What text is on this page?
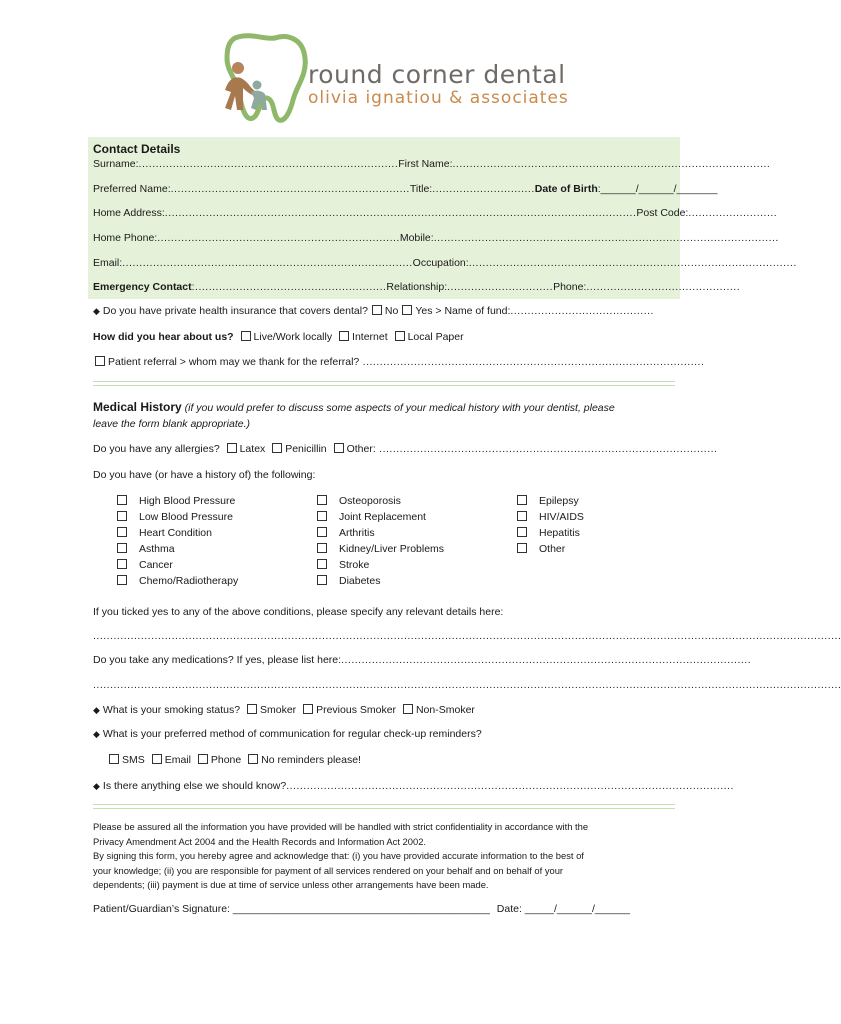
round corner dental
olivia ignatiou & associates
Contact Details
Surname:............................................................................First Name:.............................................................................................
Preferred Name:......................................................................Title:..............................Date of Birth:______/______/_______
Home Address:..........................................................................................................................................Post Code:..........................
Home Phone:.......................................................................Mobile:.....................................................................................................
Email:.....................................................................................Occupation:................................................................................................
Emergency Contact:........................................................Relationship:...............................Phone:.............................................
◆ Do you have private health insurance that covers dental? No Yes > Name of fund:..........................................
How did you hear about us? Live/Work locally Internet Local Paper
Patient referral > whom may we thank for the referral? ....................................................................................................
Medical History (if you would prefer to discuss some aspects of your medical history with your dentist, please
leave the form blank appropriate.)
Do you have any allergies? Latex Penicillin Other: ...................................................................................................
Do you have (or have a history of) the following:
High Blood Pressure
Low Blood Pressure
Heart Condition
Asthma
Cancer
Chemo/Radiotherapy
Osteoporosis
Joint Replacement
Arthritis
Kidney/Liver Problems
Stroke
Diabetes
Epilepsy
HIV/AIDS
Hepatitis
Other
If you ticked yes to any of the above conditions, please specify any relevant details here:
...........................................................................................................................................................................................................................
Do you take any medications? If yes, please list here:........................................................................................................................
...........................................................................................................................................................................................................................
◆ What is your smoking status? Smoker Previous Smoker Non-Smoker
◆ What is your preferred method of communication for regular check-up reminders?
SMS Email Phone No reminders please!
◆ Is there anything else we should know?...................................................................................................................................
Please be assured all the information you have provided will be handled with strict confidentiality in accordance with the
Privacy Amendment Act 2004 and the Health Records and Information Act 2002.
By signing this form, you hereby agree and acknowledge that: (i) you have provided accurate information to the best of
your knowledge; (ii) you are responsible for payment of all services rendered on your behalf and on behalf of your
dependents; (iii) payment is due at time of service unless other arrangements have been made.
Patient/Guardian’s Signature: ____________________________________________ Date: _____/______/______
